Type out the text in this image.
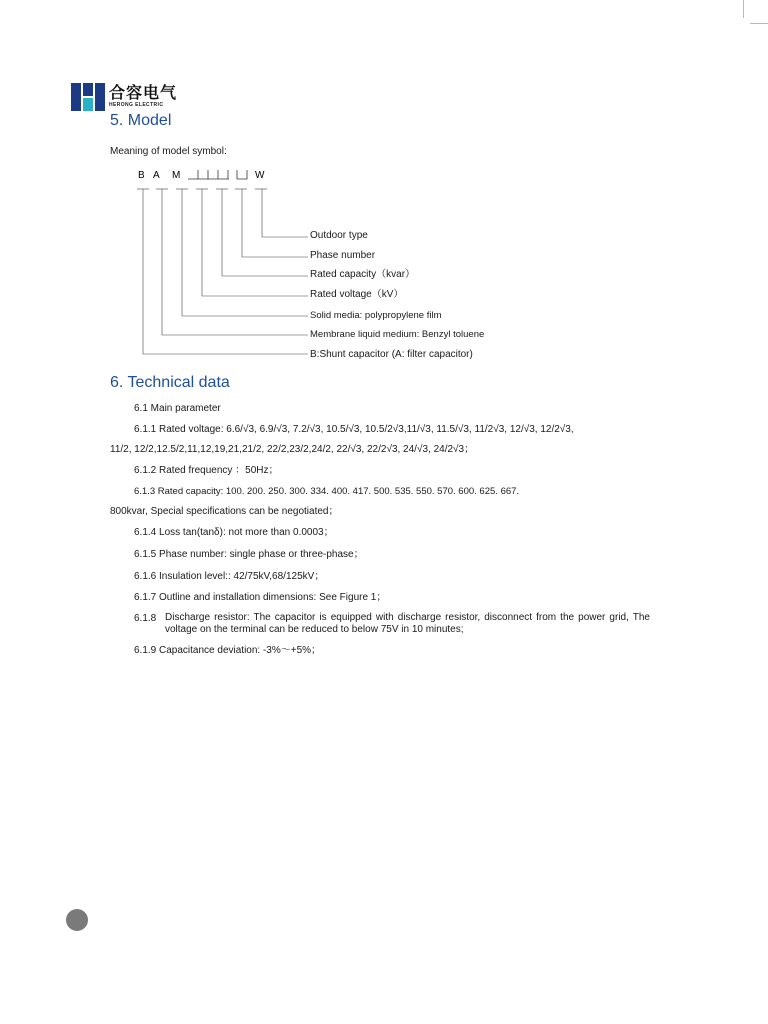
合容电气
HERONG ELECTRIC
5. Model
Meaning of model symbol:
B A M	W
Outdoor type
Phase number
Rated capacity（kvar）
Rated voltage（kV）
Solid media: polypropylene film
Membrane liquid medium: Benzyl toluene
B:Shunt capacitor (A: filter capacitor)
6. Technical data
6.1 Main parameter
6.1.1 Rated voltage: 6.6/√3, 6.9/√3, 7.2/√3, 10.5/√3, 10.5/2√3,11/√3, 11.5/√3, 11/2√3, 12/√3, 12/2√3,
11/2, 12/2,12.5/2,11,12,19,21,21/2, 22/2,23/2,24/2, 22/√3, 22/2√3, 24/√3, 24/2√3；
6.1.2 Rated frequency ：50Hz；
6.1.3 Rated capacity: 100. 200. 250. 300. 334. 400. 417. 500. 535. 550. 570. 600. 625. 667.
800kvar, Special specifications can be negotiated；
6.1.4 Loss tan(tanδ): not more than 0.0003；
6.1.5 Phase number: single phase or three-phase；
6.1.6 Insulation level:: 42/75kV,68/125kV；
6.1.7 Outline and installation dimensions: See Figure 1；
6.1.8 Discharge resistor: The capacitor is equipped with discharge resistor, disconnect from the power grid, The voltage on the terminal can be reduced to below 75V in 10 minutes;
6.1.9 Capacitance deviation: -3%～+5%；
